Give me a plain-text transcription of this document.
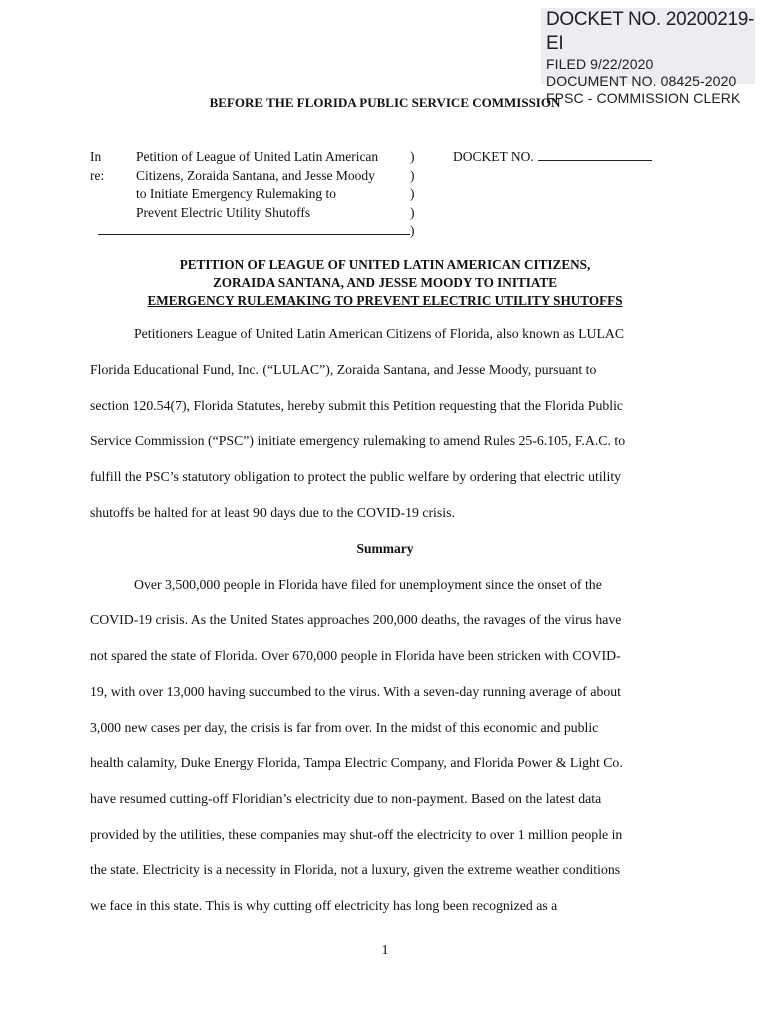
DOCKET NO. 20200219-EI
FILED 9/22/2020
DOCUMENT NO. 08425-2020
FPSC - COMMISSION CLERK
BEFORE THE FLORIDA PUBLIC SERVICE COMMISSION
In re:
Petition of League of United Latin American
Citizens, Zoraida Santana, and Jesse Moody
to Initiate Emergency Rulemaking to
Prevent Electric Utility Shutoffs
)
)
)
)
)
DOCKET NO.
PETITION OF LEAGUE OF UNITED LATIN AMERICAN CITIZENS,
ZORAIDA SANTANA, AND JESSE MOODY TO INITIATE
EMERGENCY RULEMAKING TO PREVENT ELECTRIC UTILITY SHUTOFFS
Petitioners League of United Latin American Citizens of Florida, also known as LULAC
Florida Educational Fund, Inc. (“LULAC”), Zoraida Santana, and Jesse Moody, pursuant to
section 120.54(7), Florida Statutes, hereby submit this Petition requesting that the Florida Public
Service Commission (“PSC”) initiate emergency rulemaking to amend Rules 25-6.105, F.A.C. to
fulfill the PSC’s statutory obligation to protect the public welfare by ordering that electric utility
shutoffs be halted for at least 90 days due to the COVID-19 crisis.
Summary
Over 3,500,000 people in Florida have filed for unemployment since the onset of the
COVID-19 crisis. As the United States approaches 200,000 deaths, the ravages of the virus have
not spared the state of Florida. Over 670,000 people in Florida have been stricken with COVID-
19, with over 13,000 having succumbed to the virus. With a seven-day running average of about
3,000 new cases per day, the crisis is far from over. In the midst of this economic and public
health calamity, Duke Energy Florida, Tampa Electric Company, and Florida Power & Light Co.
have resumed cutting-off Floridian’s electricity due to non-payment. Based on the latest data
provided by the utilities, these companies may shut-off the electricity to over 1 million people in
the state. Electricity is a necessity in Florida, not a luxury, given the extreme weather conditions
we face in this state. This is why cutting off electricity has long been recognized as a
1
